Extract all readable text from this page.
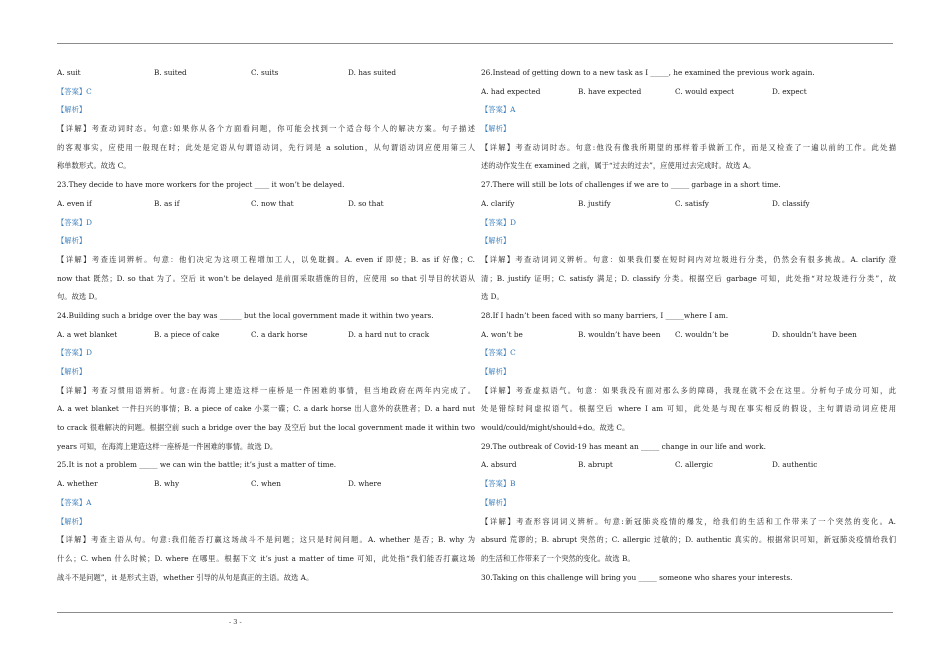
A. suit	B. suited	C. suits	D. has suited
【答案】C
【解析】
【详解】考查动词时态。句意:如果你从各个方面看问题，你可能会找到一个适合每个人的解决方案。句子描述
的客观事实，应使用一般现在时；此处是定语从句谓语动词，先行词是 a solution，从句谓语动词应使用第三人
称单数形式。故选 C。
23.They decide to have more workers for the project ____ it won’t be delayed.
A. even if	B. as if	C. now that	D. so that
【答案】D
【解析】
【详解】考查连词辨析。句意：他们决定为这项工程增加工人，以免耽搁。A. even if 即使；B. as if 好像；C.
now that 既然；D. so that 为了。空后 it won’t be delayed 是前面采取措施的目的，应使用 so that 引导目的状语从
句。故选 D。
24.Building such a bridge over the bay was ______ but the local government made it within two years.
A. a wet blanket	B. a piece of cake	C. a dark horse	D. a hard nut to crack
【答案】D
【解析】
【详解】考查习惯用语辨析。句意:在海湾上建造这样一座桥是一件困难的事情，但当地政府在两年内完成了。
A. a wet blanket 一件扫兴的事情；B. a piece of cake 小菜一碟；C. a dark horse 出人意外的获胜者；D. a hard nut
to crack 很难解决的问题。根据空前 such a bridge over the bay 及空后 but the local government made it within two
years 可知，在海湾上建造这样一座桥是一件困难的事情。故选 D。
25.It is not a problem _____ we can win the battle; it’s just a matter of time.
A. whether	B. why	C. when	D. where
【答案】A
【解析】
【详解】考查主语从句。句意:我们能否打赢这场战斗不是问题；这只是时间问题。A. whether 是否；B. why 为
什么；C. when 什么时候；D. where 在哪里。根据下文 it’s just a matter of time 可知，此处指“我们能否打赢这场
战斗不是问题”，it 是形式主语，whether 引导的从句是真正的主语。故选 A。
26.Instead of getting down to a new task as I _____, he examined the previous work again.
A. had expected	B. have expected	C. would expect	D. expect
【答案】A
【解析】
【详解】考查动词时态。句意:他没有像我所期望的那样着手做新工作，而是又检查了一遍以前的工作。此处描
述的动作发生在 examined 之前，属于“过去的过去”，应使用过去完成时。故选 A。
27.There will still be lots of challenges if we are to _____ garbage in a short time.
A. clarify	B. justify	C. satisfy	D. classify
【答案】D
【解析】
【详解】考查动词词义辨析。句意：如果我们要在短时间内对垃圾进行分类，仍然会有很多挑战。A. clarify 澄
清；B. justify 证明；C. satisfy 满足；D. classify 分类。根据空后 garbage 可知，此处指“对垃圾进行分类”，故
选 D。
28.If I hadn’t been faced with so many barriers, I _____where I am.
A. won’t be	B. wouldn’t have been C. wouldn’t be	D. shouldn’t have been
【答案】C
【解析】
【详解】考查虚拟语气。句意：如果我没有面对那么多的障碍，我现在就不会在这里。分析句子成分可知，此
处是错综时间虚拟语气。根据空后 where I am 可知，此处是与现在事实相反的假设，主句谓语动词应使用
would/could/might/should+do。故选 C。
29.The outbreak of Covid-19 has meant an _____ change in our life and work.
A. absurd	B. abrupt	C. allergic	D. authentic
【答案】B
【解析】
【详解】考查形容词词义辨析。句意:新冠肺炎疫情的爆发，给我们的生活和工作带来了一个突然的变化。A.
absurd 荒谬的；B. abrupt 突然的；C. allergic 过敏的；D. authentic 真实的。根据常识可知，新冠肺炎疫情给我们
的生活和工作带来了一个突然的变化。故选 B。
30.Taking on this challenge will bring you _____ someone who shares your interests.
- 3 -
